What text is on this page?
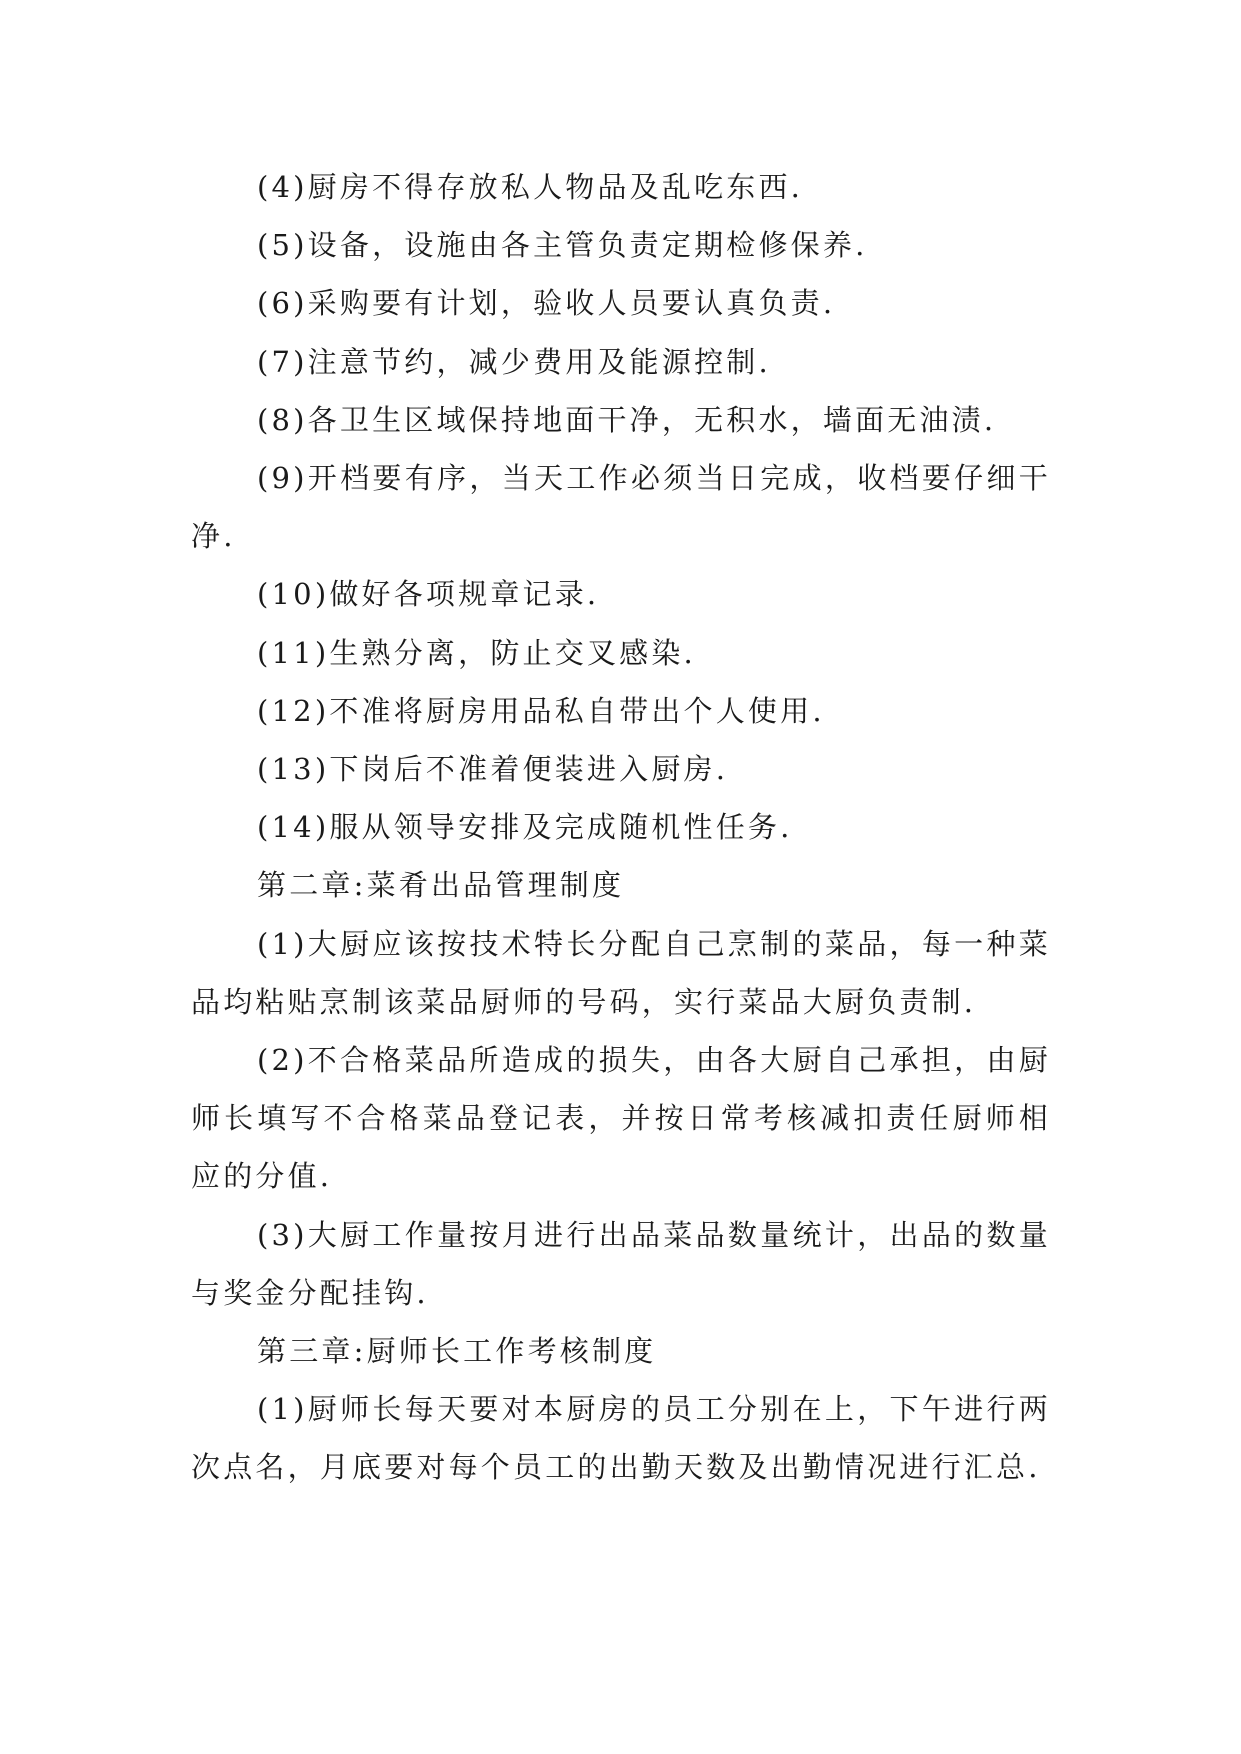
(4)厨房不得存放私人物品及乱吃东西.

(5)设备，设施由各主管负责定期检修保养.

(6)采购要有计划，验收人员要认真负责.

(7)注意节约，减少费用及能源控制.

(8)各卫生区域保持地面干净，无积水，墙面无油渍.

(9)开档要有序，当天工作必须当日完成，收档要仔细干净.

(10)做好各项规章记录.

(11)生熟分离，防止交叉感染.

(12)不准将厨房用品私自带出个人使用.

(13)下岗后不准着便装进入厨房.

(14)服从领导安排及完成随机性任务.

第二章:菜肴出品管理制度

(1)大厨应该按技术特长分配自己烹制的菜品，每一种菜品均粘贴烹制该菜品厨师的号码，实行菜品大厨负责制.

(2)不合格菜品所造成的损失，由各大厨自己承担，由厨师长填写不合格菜品登记表，并按日常考核减扣责任厨师相应的分值.

(3)大厨工作量按月进行出品菜品数量统计，出品的数量与奖金分配挂钩.

第三章:厨师长工作考核制度

(1)厨师长每天要对本厨房的员工分别在上，下午进行两次点名，月底要对每个员工的出勤天数及出勤情况进行汇总.
